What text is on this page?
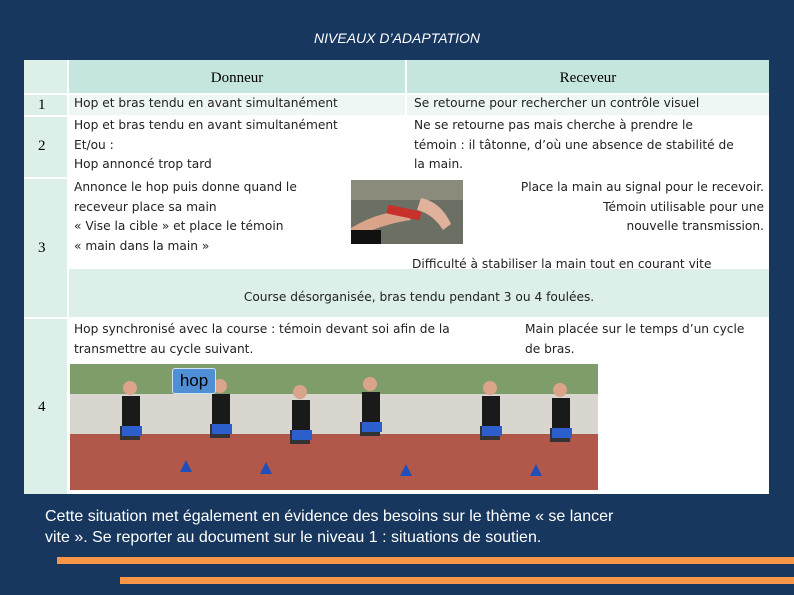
NIVEAUX D’ADAPTATION
Donneur	Receveur
1
2
3
4
Hop et bras tendu en avant simultanément	Se retourne pour rechercher un contrôle visuel
Hop et bras tendu en avant simultanément
Et/ou :
Hop annoncé trop tard
Ne se retourne pas mais cherche à prendre le
témoin : il tâtonne, d’où une absence de stabilité de
la main.
Annonce le hop puis donne quand le
receveur place sa main
« Vise la cible » et place le témoin
« main dans la main »
Place la main au signal pour le recevoir.
Témoin utilisable pour une
nouvelle transmission.
Difficulté à stabiliser la main tout en courant vite
Course désorganisée, bras tendu pendant 3 ou 4 foulées.
Hop synchronisé avec la course : témoin devant soi afin de la
transmettre au cycle suivant.
Main placée sur le temps d’un cycle
de bras.
hop
Cette situation met également en évidence des besoins sur le thème « se lancer
vite ». Se reporter au document sur le niveau 1 : situations de soutien.
